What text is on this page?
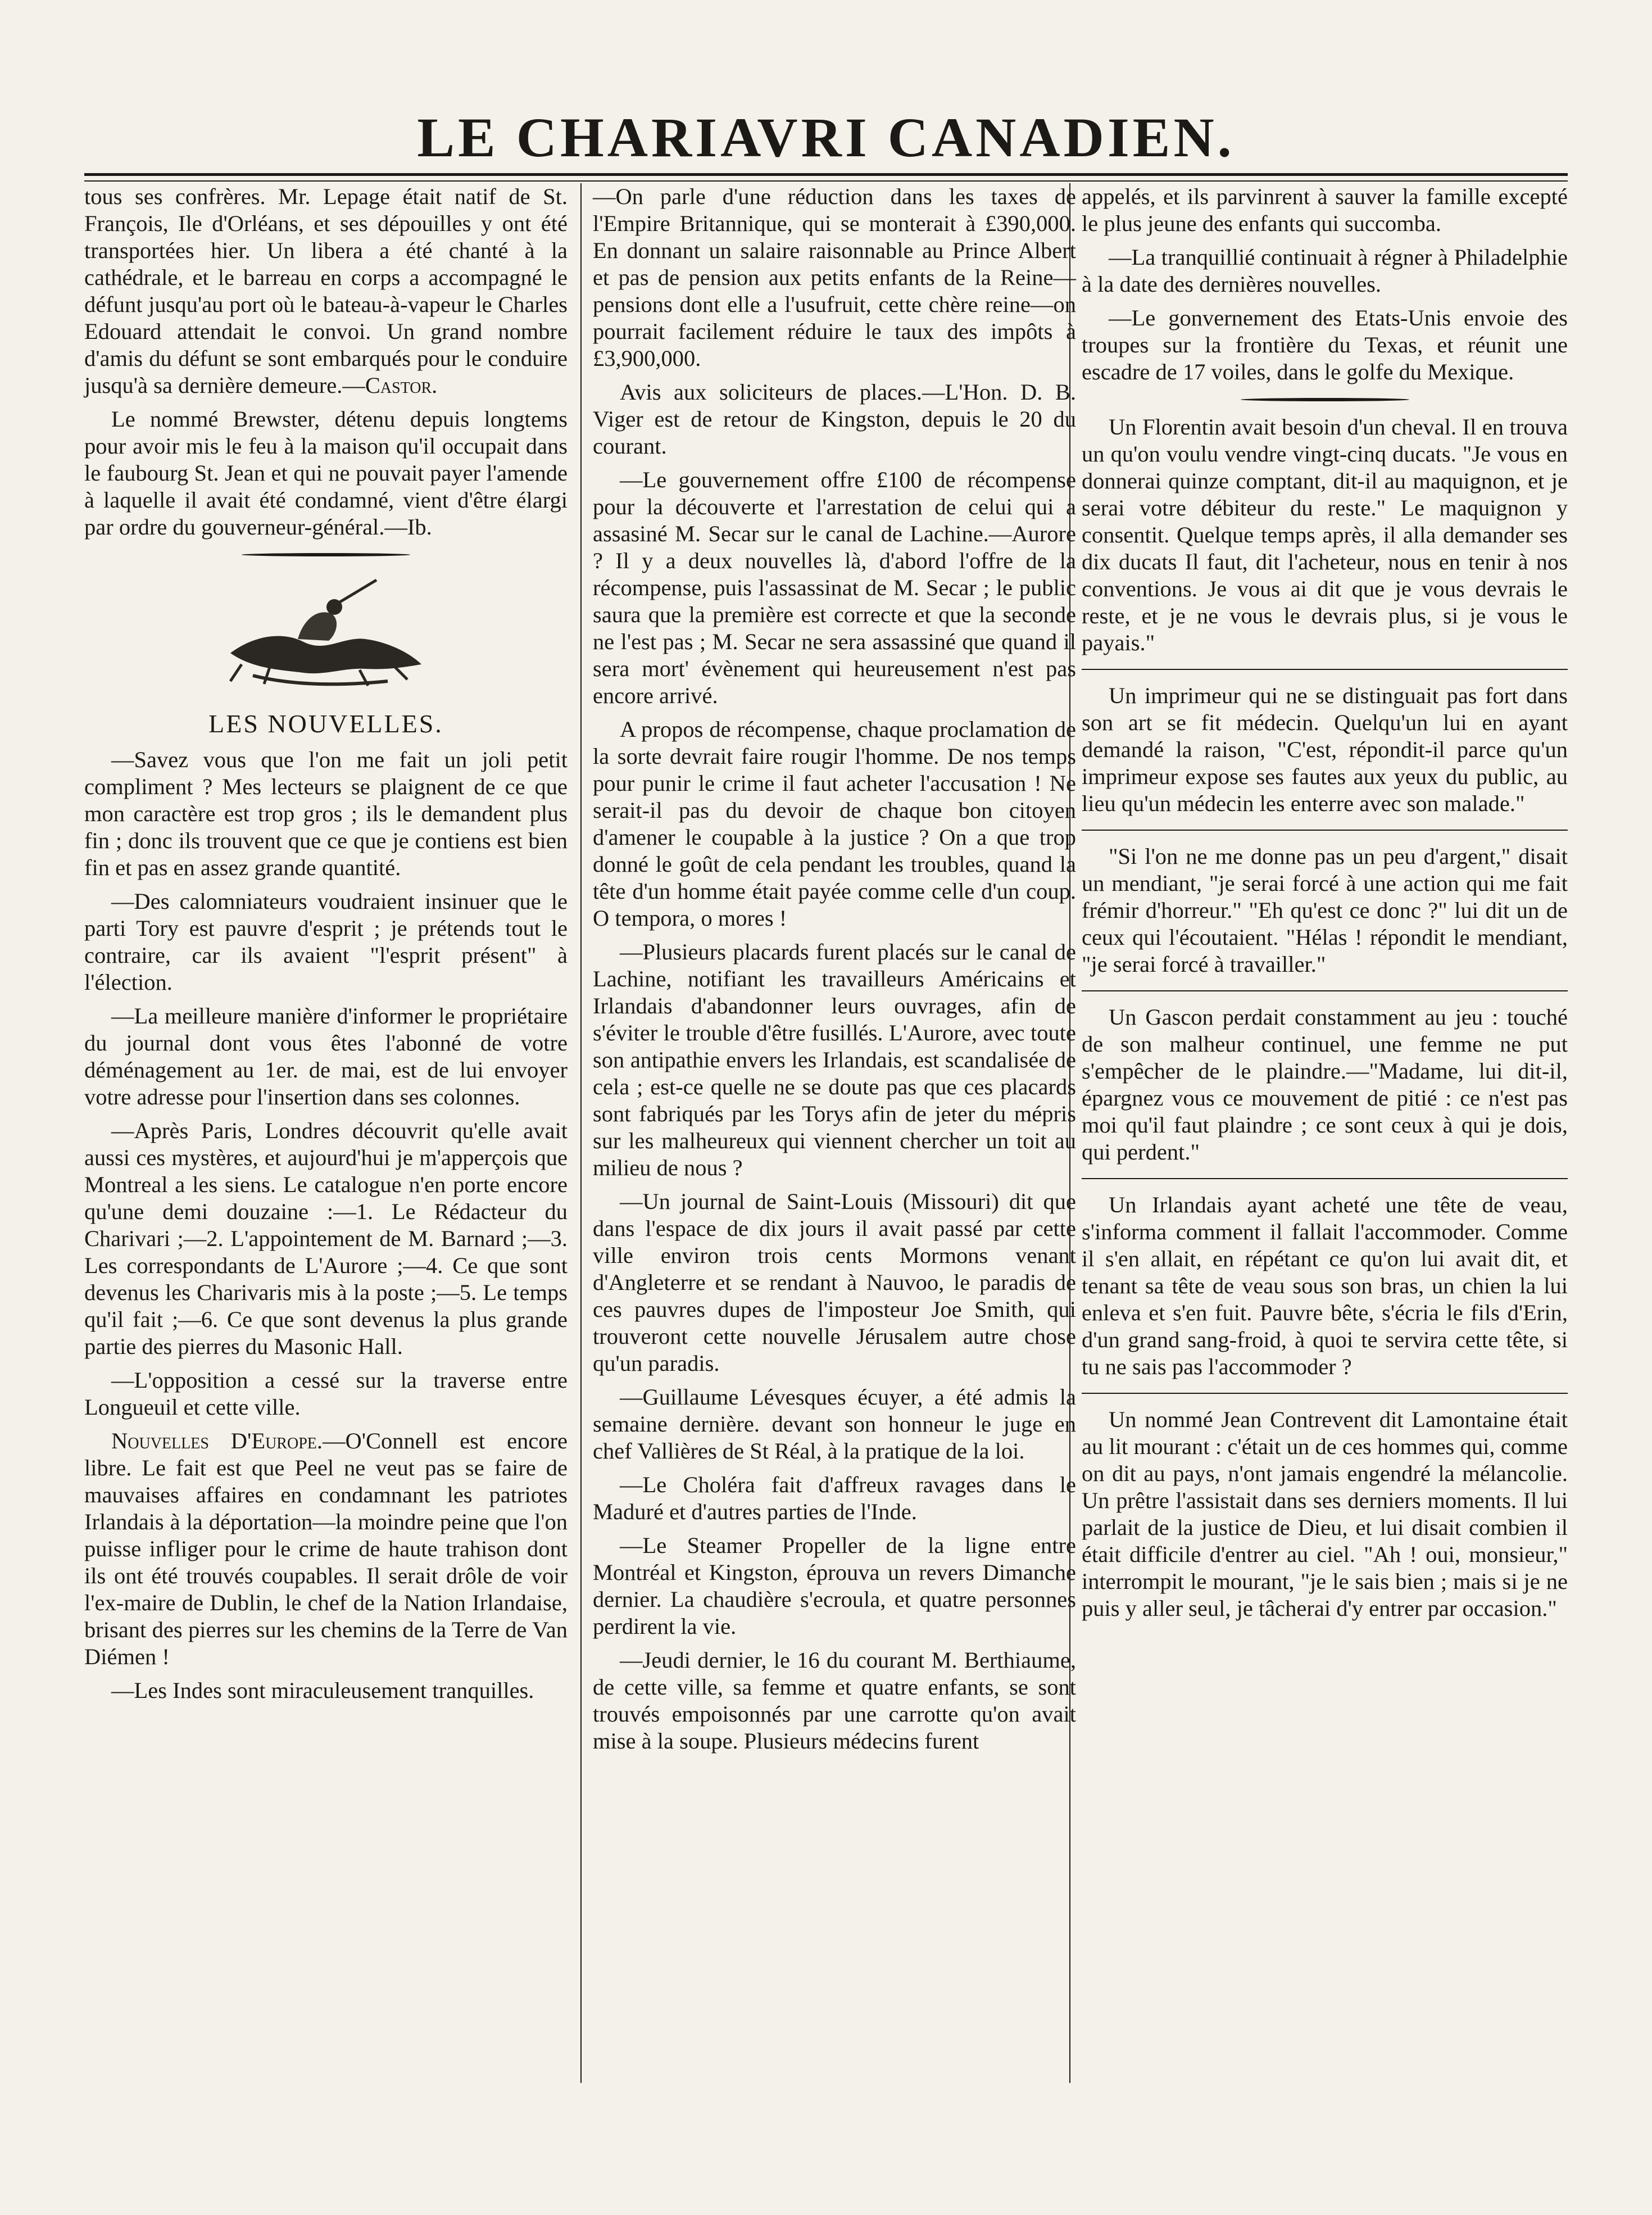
LE CHARIAVRI CANADIEN.

tous ses confrères. Mr. Lepage était natif de St. François, Ile d'Orléans, et ses dépouilles y ont été transportées hier. Un libera a été chanté à la cathédrale, et le barreau en corps a accompagné le défunt jusqu'au port où le bateau-à-vapeur le Charles Edouard attendait le convoi. Un grand nombre d'amis du défunt se sont embarqués pour le conduire jusqu'à sa dernière demeure.—Castor.

Le nommé Brewster, détenu depuis longtems pour avoir mis le feu à la maison qu'il occupait dans le faubourg St. Jean et qui ne pouvait payer l'amende à laquelle il avait été condamné, vient d'être élargi par ordre du gouverneur-général.—Ib.

LES NOUVELLES.

—Savez vous que l'on me fait un joli petit compliment ? Mes lecteurs se plaignent de ce que mon caractère est trop gros ; ils le demandent plus fin ; donc ils trouvent que ce que je contiens est bien fin et pas en assez grande quantité.

—Des calomniateurs voudraient insinuer que le parti Tory est pauvre d'esprit ; je prétends tout le contraire, car ils avaient "l'esprit présent" à l'élection.

—La meilleure manière d'informer le propriétaire du journal dont vous êtes l'abonné de votre déménagement au 1er. de mai, est de lui envoyer votre adresse pour l'insertion dans ses colonnes.

—Après Paris, Londres découvrit qu'elle avait aussi ces mystères, et aujourd'hui je m'apperçois que Montreal a les siens. Le catalogue n'en porte encore qu'une demi douzaine :—1. Le Rédacteur du Charivari ;—2. L'appointement de M. Barnard ;—3. Les correspondants de L'Aurore ;—4. Ce que sont devenus les Charivaris mis à la poste ;—5. Le temps qu'il fait ;—6. Ce que sont devenus la plus grande partie des pierres du Masonic Hall.

—L'opposition a cessé sur la traverse entre Longueuil et cette ville.

Nouvelles D'Europe.—O'Connell est encore libre. Le fait est que Peel ne veut pas se faire de mauvaises affaires en condamnant les patriotes Irlandais à la déportation—la moindre peine que l'on puisse infliger pour le crime de haute trahison dont ils ont été trouvés coupables. Il serait drôle de voir l'ex-maire de Dublin, le chef de la Nation Irlandaise, brisant des pierres sur les chemins de la Terre de Van Diémen !

—Les Indes sont miraculeusement tranquilles.

—On parle d'une réduction dans les taxes de l'Empire Britannique, qui se monterait à £390,000. En donnant un salaire raisonnable au Prince Albert et pas de pension aux petits enfants de la Reine—pensions dont elle a l'usufruit, cette chère reine—on pourrait facilement réduire le taux des impôts à £3,900,000.

Avis aux soliciteurs de places.—L'Hon. D. B. Viger est de retour de Kingston, depuis le 20 du courant.

—Le gouvernement offre £100 de récompense pour la découverte et l'arrestation de celui qui a assasiné M. Secar sur le canal de Lachine.—Aurore ? Il y a deux nouvelles là, d'abord l'offre de la récompense, puis l'assassinat de M. Secar ; le public saura que la première est correcte et que la seconde ne l'est pas ; M. Secar ne sera assassiné que quand il sera mort' évènement qui heureusement n'est pas encore arrivé.

A propos de récompense, chaque proclamation de la sorte devrait faire rougir l'homme. De nos temps pour punir le crime il faut acheter l'accusation ! Ne serait-il pas du devoir de chaque bon citoyen d'amener le coupable à la justice ? On a que trop donné le goût de cela pendant les troubles, quand la tête d'un homme était payée comme celle d'un coup. O tempora, o mores !

—Plusieurs placards furent placés sur le canal de Lachine, notifiant les travailleurs Américains et Irlandais d'abandonner leurs ouvrages, afin de s'éviter le trouble d'être fusillés. L'Aurore, avec toute son antipathie envers les Irlandais, est scandalisée de cela ; est-ce quelle ne se doute pas que ces placards sont fabriqués par les Torys afin de jeter du mépris sur les malheureux qui viennent chercher un toit au milieu de nous ?

—Un journal de Saint-Louis (Missouri) dit que dans l'espace de dix jours il avait passé par cette ville environ trois cents Mormons venant d'Angleterre et se rendant à Nauvoo, le paradis de ces pauvres dupes de l'imposteur Joe Smith, qui trouveront cette nouvelle Jérusalem autre chose qu'un paradis.

—Guillaume Lévesques écuyer, a été admis la semaine dernière. devant son honneur le juge en chef Vallières de St Réal, à la pratique de la loi.

—Le Choléra fait d'affreux ravages dans le Maduré et d'autres parties de l'Inde.

—Le Steamer Propeller de la ligne entre Montréal et Kingston, éprouva un revers Dimanche dernier. La chaudière s'ecroula, et quatre personnes perdirent la vie.

—Jeudi dernier, le 16 du courant M. Berthiaume, de cette ville, sa femme et quatre enfants, se sont trouvés empoisonnés par une carrotte qu'on avait mise à la soupe. Plusieurs médecins furent

appelés, et ils parvinrent à sauver la famille excepté le plus jeune des enfants qui succomba.

—La tranquillié continuait à régner à Philadelphie à la date des dernières nouvelles.

—Le gonvernement des Etats-Unis envoie des troupes sur la frontière du Texas, et réunit une escadre de 17 voiles, dans le golfe du Mexique.

Un Florentin avait besoin d'un cheval. Il en trouva un qu'on voulu vendre vingt-cinq ducats. "Je vous en donnerai quinze comptant, dit-il au maquignon, et je serai votre débiteur du reste." Le maquignon y consentit. Quelque temps après, il alla demander ses dix ducats Il faut, dit l'acheteur, nous en tenir à nos conventions. Je vous ai dit que je vous devrais le reste, et je ne vous le devrais plus, si je vous le payais."

Un imprimeur qui ne se distinguait pas fort dans son art se fit médecin. Quelqu'un lui en ayant demandé la raison, "C'est, répondit-il parce qu'un imprimeur expose ses fautes aux yeux du public, au lieu qu'un médecin les enterre avec son malade."

"Si l'on ne me donne pas un peu d'argent," disait un mendiant, "je serai forcé à une action qui me fait frémir d'horreur." "Eh qu'est ce donc ?" lui dit un de ceux qui l'écoutaient. "Hélas ! répondit le mendiant, "je serai forcé à travailler."

Un Gascon perdait constamment au jeu : touché de son malheur continuel, une femme ne put s'empêcher de le plaindre.—"Madame, lui dit-il, épargnez vous ce mouvement de pitié : ce n'est pas moi qu'il faut plaindre ; ce sont ceux à qui je dois, qui perdent."

Un Irlandais ayant acheté une tête de veau, s'informa comment il fallait l'accommoder. Comme il s'en allait, en répétant ce qu'on lui avait dit, et tenant sa tête de veau sous son bras, un chien la lui enleva et s'en fuit. Pauvre bête, s'écria le fils d'Erin, d'un grand sang-froid, à quoi te servira cette tête, si tu ne sais pas l'accommoder ?

Un nommé Jean Contrevent dit Lamontaine était au lit mourant : c'était un de ces hommes qui, comme on dit au pays, n'ont jamais engendré la mélancolie. Un prêtre l'assistait dans ses derniers moments. Il lui parlait de la justice de Dieu, et lui disait combien il était difficile d'entrer au ciel. "Ah ! oui, monsieur," interrompit le mourant, "je le sais bien ; mais si je ne puis y aller seul, je tâcherai d'y entrer par occasion."
